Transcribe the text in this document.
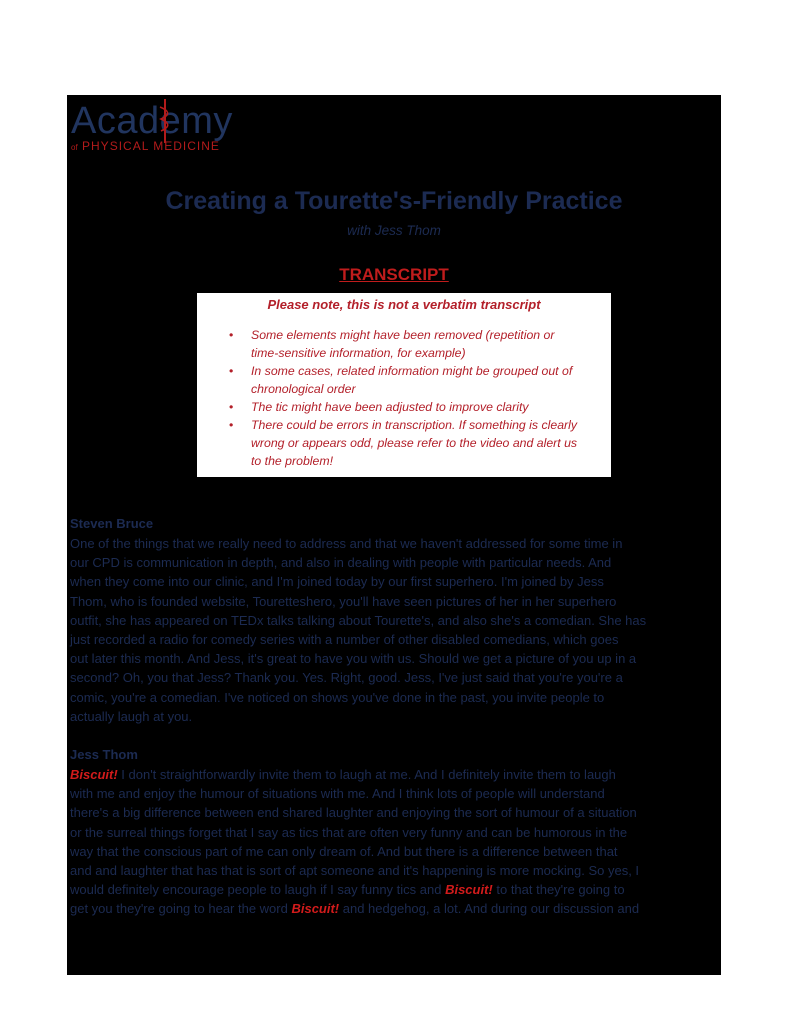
Academy
of PHYSICAL MEDICINE
Creating a Tourette's-Friendly Practice
with Jess Thom
TRANSCRIPT
Please note, this is not a verbatim transcript
• Some elements might have been removed (repetition or
time-sensitive information, for example)
• In some cases, related information might be grouped out of
chronological order
• The tic might have been adjusted to improve clarity
• There could be errors in transcription. If something is clearly
wrong or appears odd, please refer to the video and alert us
to the problem!
Steven Bruce

One of the things that we really need to address and that we haven't addressed for some time in

our CPD is communication in depth, and also in dealing with people with particular needs. And

when they come into our clinic, and I'm joined today by our first superhero. I'm joined by Jess

Thom, who is founded website, Touretteshero, you'll have seen pictures of her in her superhero

outfit, she has appeared on TEDx talks talking about Tourette's, and also she's a comedian. She has

just recorded a radio for comedy series with a number of other disabled comedians, which goes

out later this month. And Jess, it's great to have you with us. Should we get a picture of you up in a

second? Oh, you that Jess? Thank you. Yes. Right, good. Jess, I've just said that you're you're a

comic, you're a comedian. I've noticed on shows you've done in the past, you invite people to

actually laugh at you.

Jess Thom

Biscuit! I don't straightforwardly invite them to laugh at me. And I definitely invite them to laugh

with me and enjoy the humour of situations with me. And I think lots of people will understand

there's a big difference between end shared laughter and enjoying the sort of humour of a situation

or the surreal things forget that I say as tics that are often very funny and can be humorous in the

way that the conscious part of me can only dream of. And but there is a difference between that

and and laughter that has that is sort of apt someone and it's happening is more mocking. So yes, I

would definitely encourage people to laugh if I say funny tics and Biscuit! to that they're going to

get you they're going to hear the word Biscuit! and hedgehog, a lot. And during our discussion and
